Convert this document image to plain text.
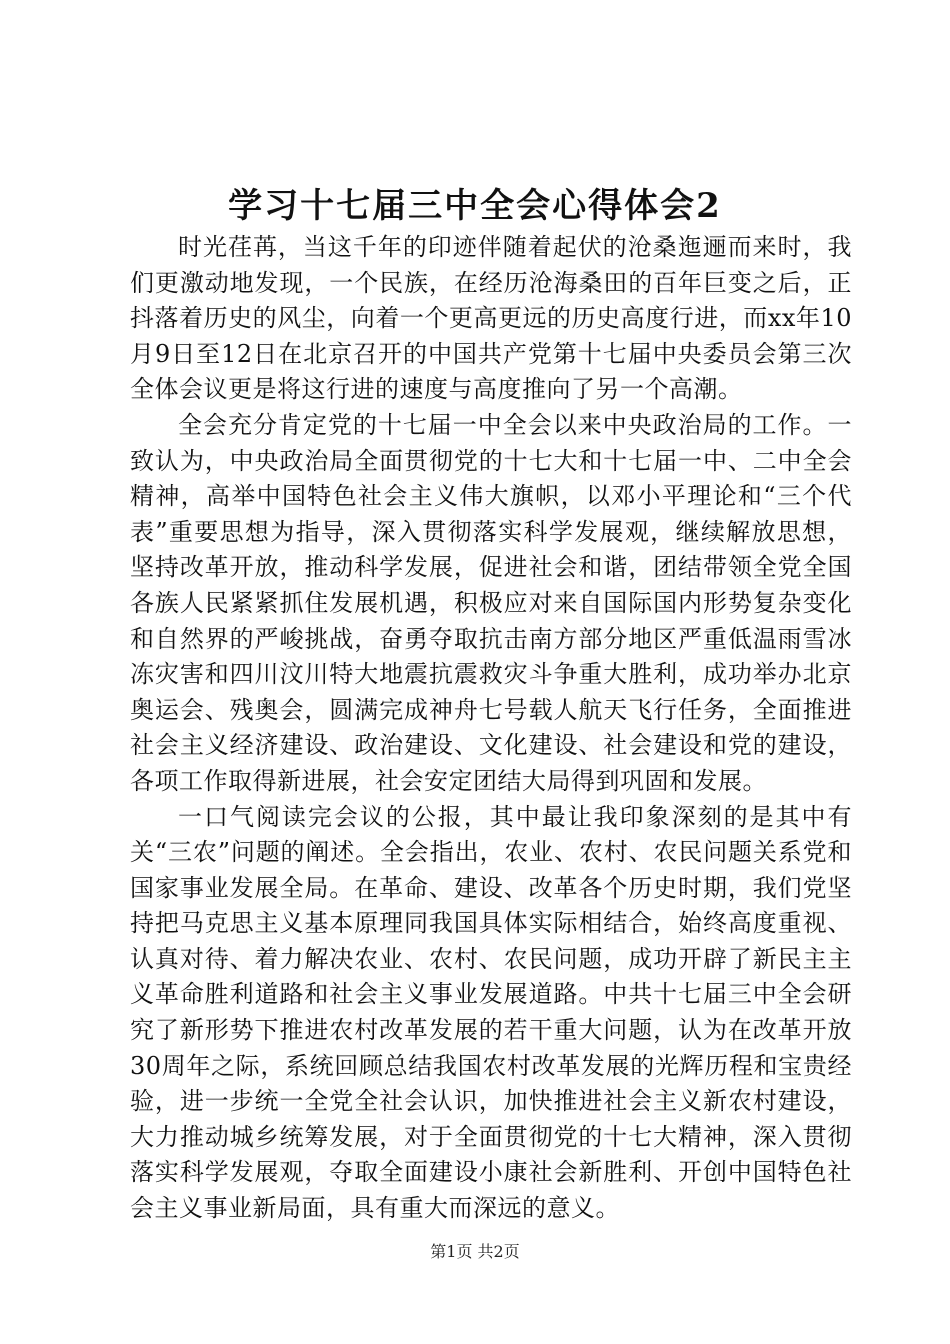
学习十七届三中全会心得体会2

时光荏苒，当这千年的印迹伴随着起伏的沧桑迤逦而来时，我们更激动地发现，一个民族，在经历沧海桑田的百年巨变之后，正抖落着历史的风尘，向着一个更高更远的历史高度行进，而xx年10月9日至12日在北京召开的中国共产党第十七届中央委员会第三次全体会议更是将这行进的速度与高度推向了另一个高潮。

全会充分肯定党的十七届一中全会以来中央政治局的工作。一致认为，中央政治局全面贯彻党的十七大和十七届一中、二中全会精神，高举中国特色社会主义伟大旗帜，以邓小平理论和“三个代表”重要思想为指导，深入贯彻落实科学发展观，继续解放思想，坚持改革开放，推动科学发展，促进社会和谐，团结带领全党全国各族人民紧紧抓住发展机遇，积极应对来自国际国内形势复杂变化和自然界的严峻挑战，奋勇夺取抗击南方部分地区严重低温雨雪冰冻灾害和四川汶川特大地震抗震救灾斗争重大胜利，成功举办北京奥运会、残奥会，圆满完成神舟七号载人航天飞行任务，全面推进社会主义经济建设、政治建设、文化建设、社会建设和党的建设，各项工作取得新进展，社会安定团结大局得到巩固和发展。

一口气阅读完会议的公报，其中最让我印象深刻的是其中有关“三农”问题的阐述。全会指出，农业、农村、农民问题关系党和国家事业发展全局。在革命、建设、改革各个历史时期，我们党坚持把马克思主义基本原理同我国具体实际相结合，始终高度重视、认真对待、着力解决农业、农村、农民问题，成功开辟了新民主主义革命胜利道路和社会主义事业发展道路。中共十七届三中全会研究了新形势下推进农村改革发展的若干重大问题，认为在改革开放30周年之际，系统回顾总结我国农村改革发展的光辉历程和宝贵经验，进一步统一全党全社会认识，加快推进社会主义新农村建设，大力推动城乡统筹发展，对于全面贯彻党的十七大精神，深入贯彻落实科学发展观，夺取全面建设小康社会新胜利、开创中国特色社会主义事业新局面，具有重大而深远的意义。

第1页 共2页
